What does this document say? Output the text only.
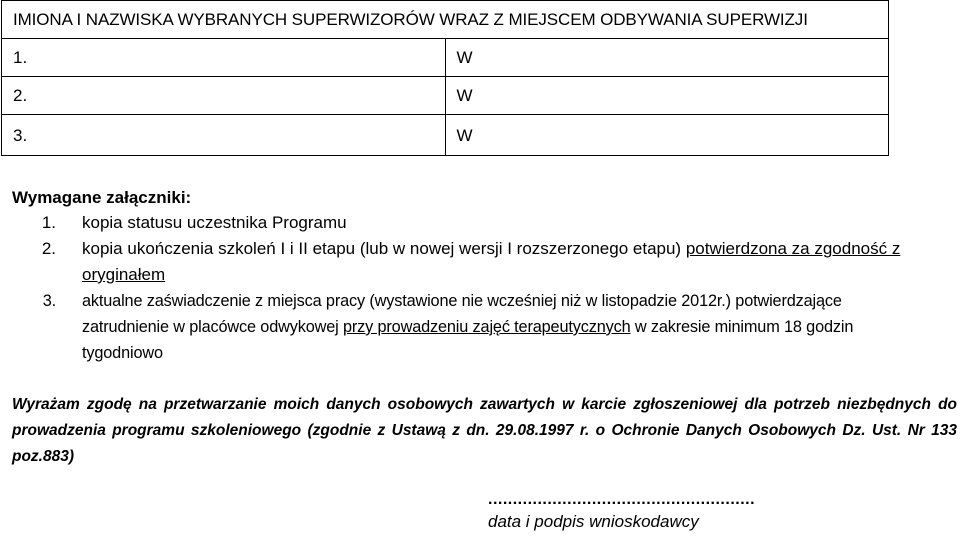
IMIONA I NAZWISKA WYBRANYCH SUPERWIZORÓW WRAZ Z MIEJSCEM ODBYWANIA SUPERWIZJI	
1.	W
2.	W
3.	W

Wymagane załączniki:

1.	kopia statusu uczestnika Programu
2.	kopia ukończenia szkoleń I i II etapu (lub w nowej wersji I rozszerzonego etapu) potwierdzona za zgodność z oryginałem
3.	aktualne zaświadczenie z miejsca pracy (wystawione nie wcześniej niż w listopadzie 2012r.) potwierdzające zatrudnienie w placówce odwykowej przy prowadzeniu zajęć terapeutycznych w zakresie minimum 18 godzin tygodniowo

Wyrażam zgodę na przetwarzanie moich danych osobowych zawartych w karcie zgłoszeniowej dla potrzeb niezbędnych do prowadzenia programu szkoleniowego (zgodnie z Ustawą z dn. 29.08.1997 r. o Ochronie Danych Osobowych Dz. Ust. Nr 133 poz.883)

......................................................
data i podpis wnioskodawcy
